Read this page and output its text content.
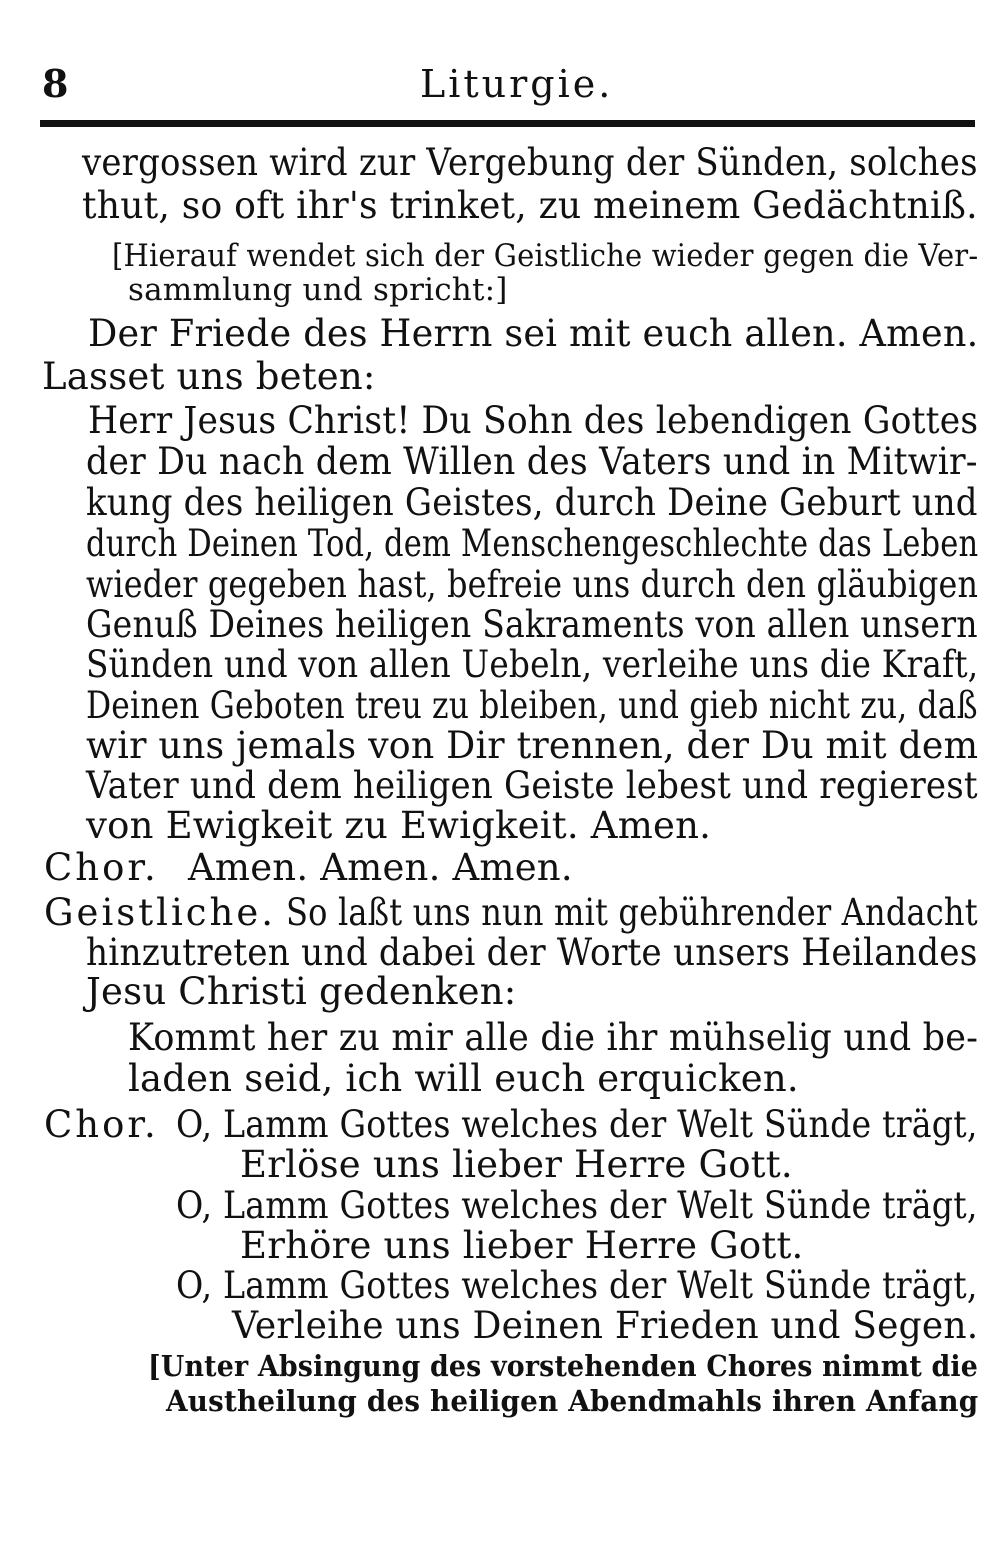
8	Liturgie.
vergossen wird zur Vergebung der Sünden, solches
thut, so oft ihr's trinket, zu meinem Gedächtniß.
[Hierauf wendet sich der Geistliche wieder gegen die Ver-
sammlung und spricht:]
Der Friede des Herrn sei mit euch allen. Amen.
Lasset uns beten:
Herr Jesus Christ! Du Sohn des lebendigen Gottes
der Du nach dem Willen des Vaters und in Mitwir-
kung des heiligen Geistes, durch Deine Geburt und
durch Deinen Tod, dem Menschengeschlechte das Leben
wieder gegeben hast, befreie uns durch den gläubigen
Genuß Deines heiligen Sakraments von allen unsern
Sünden und von allen Uebeln, verleihe uns die Kraft,
Deinen Geboten treu zu bleiben, und gieb nicht zu, daß
wir uns jemals von Dir trennen, der Du mit dem
Vater und dem heiligen Geiste lebest und regierest
von Ewigkeit zu Ewigkeit. Amen.
Chor. Amen. Amen. Amen.
Geistliche. So laßt uns nun mit gebührender Andacht
hinzutreten und dabei der Worte unsers Heilandes
Jesu Christi gedenken:
Kommt her zu mir alle die ihr mühselig und be-
laden seid, ich will euch erquicken.
Chor. O, Lamm Gottes welches der Welt Sünde trägt,
Erlöse uns lieber Herre Gott.
O, Lamm Gottes welches der Welt Sünde trägt,
Erhöre uns lieber Herre Gott.
O, Lamm Gottes welches der Welt Sünde trägt,
Verleihe uns Deinen Frieden und Segen.
[Unter Absingung des vorstehenden Chores nimmt die
Austheilung des heiligen Abendmahls ihren Anfang
